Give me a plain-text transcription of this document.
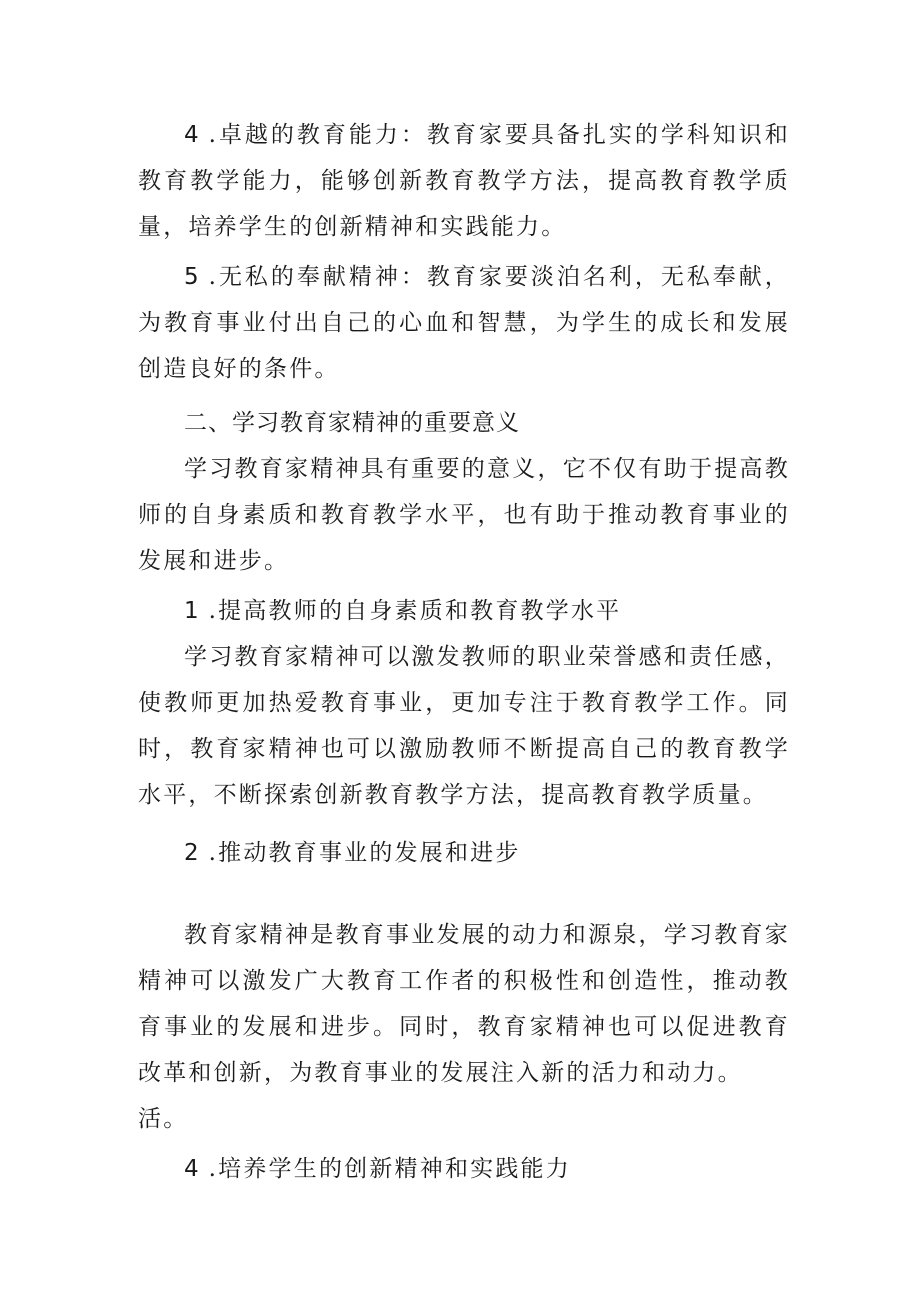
4 .卓越的教育能力：教育家要具备扎实的学科知识和教育教学能力，能够创新教育教学方法，提高教育教学质量，培养学生的创新精神和实践能力。

5 .无私的奉献精神：教育家要淡泊名利，无私奉献，为教育事业付出自己的心血和智慧，为学生的成长和发展创造良好的条件。

二、学习教育家精神的重要意义

学习教育家精神具有重要的意义，它不仅有助于提高教师的自身素质和教育教学水平，也有助于推动教育事业的发展和进步。

1 .提高教师的自身素质和教育教学水平

学习教育家精神可以激发教师的职业荣誉感和责任感，使教师更加热爱教育事业，更加专注于教育教学工作。同时，教育家精神也可以激励教师不断提高自己的教育教学水平，不断探索创新教育教学方法，提高教育教学质量。

2 .推动教育事业的发展和进步

教育家精神是教育事业发展的动力和源泉，学习教育家精神可以激发广大教育工作者的积极性和创造性，推动教育事业的发展和进步。同时，教育家精神也可以促进教育改革和创新，为教育事业的发展注入新的活力和动力。

活。

4 .培养学生的创新精神和实践能力
